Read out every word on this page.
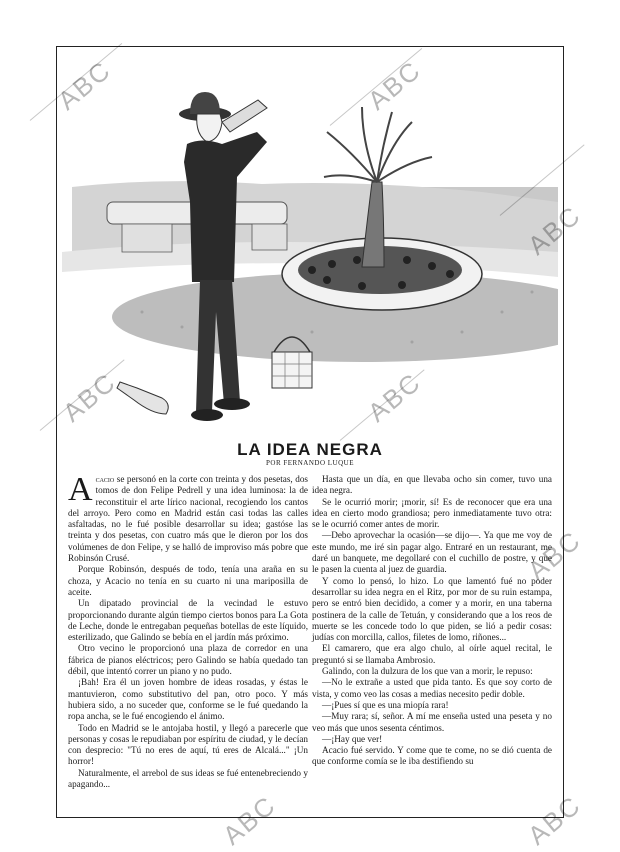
ABC	ABC
ABC
ABC	ABC
ABC
ABC	ABC
LA IDEA NEGRA
POR FERNANDO LUQUE

Acacio se personó en la corte con treinta y dos pesetas, dos tomos de don Felipe Pedrell y una idea luminosa: la de reconstituir el arte lírico nacional, recogiendo los cantos del arroyo. Pero como en Madrid están casi todas las calles asfaltadas, no le fué posible desarrollar su idea; gastóse las treinta y dos pesetas, con cuatro más que le dieron por los dos volúmenes de don Felipe, y se halló de improviso más pobre que Robinsón Crusé.

Porque Robinsón, después de todo, tenía una araña en su choza, y Acacio no tenía en su cuarto ni una mariposilla de aceite.

Un dipatado provincial de la vecindad le estuvo proporcionando durante algún tiempo ciertos bonos para La Gota de Leche, donde le entregaban pequeñas botellas de este líquido, esterilizado, que Galindo se bebía en el jardín más próximo.

Otro vecino le proporcionó una plaza de corredor en una fábrica de pianos eléctricos; pero Galindo se había quedado tan débil, que intentó correr un piano y no pudo.

¡Bah! Era él un joven hombre de ideas rosadas, y éstas le mantuvieron, como substitutivo del pan, otro poco. Y más hubiera sido, a no suceder que, conforme se le fué quedando la ropa ancha, se le fué encogiendo el ánimo.

Todo en Madrid se le antojaba hostil, y llegó a parecerle que personas y cosas le repudiaban por espíritu de ciudad, y le decían con desprecio: "Tú no eres de aquí, tú eres de Alcalá..." ¡Un horror!

Naturalmente, el arrebol de sus ideas se fué entenebreciendo y apagando...

Hasta que un día, en que llevaba ocho sin comer, tuvo una idea negra.

Se le ocurrió morir; ¡morir, sí! Es de reconocer que era una idea en cierto modo grandiosa; pero inmediatamente tuvo otra: se le ocurrió comer antes de morir.

—Debo aprovechar la ocasión—se dijo—. Ya que me voy de este mundo, me iré sin pagar algo. Entraré en un restaurant, me daré un banquete, me degollaré con el cuchillo de postre, y que le pasen la cuenta al juez de guardia.

Y como lo pensó, lo hizo. Lo que lamentó fué no poder desarrollar su idea negra en el Ritz, por mor de su ruin estampa, pero se entró bien decidido, a comer y a morir, en una taberna postinera de la calle de Tetuán, y considerando que a los reos de muerte se les concede todo lo que piden, se lió a pedir cosas: judías con morcilla, callos, filetes de lomo, riñones...

El camarero, que era algo chulo, al oírle aquel recital, le preguntó si se llamaba Ambrosio.

Galindo, con la dulzura de los que van a morir, le repuso:

—No le extrañe a usted que pida tanto. Es que soy corto de vista, y como veo las cosas a medias necesito pedir doble.

—¡Pues sí que es una miopía rara!

—Muy rara; sí, señor. A mí me enseña usted una peseta y no veo más que unos sesenta céntimos.

—¡Hay que ver!

Acacio fué servido. Y come que te come, no se dió cuenta de que conforme comía se le iba destifiendo su
